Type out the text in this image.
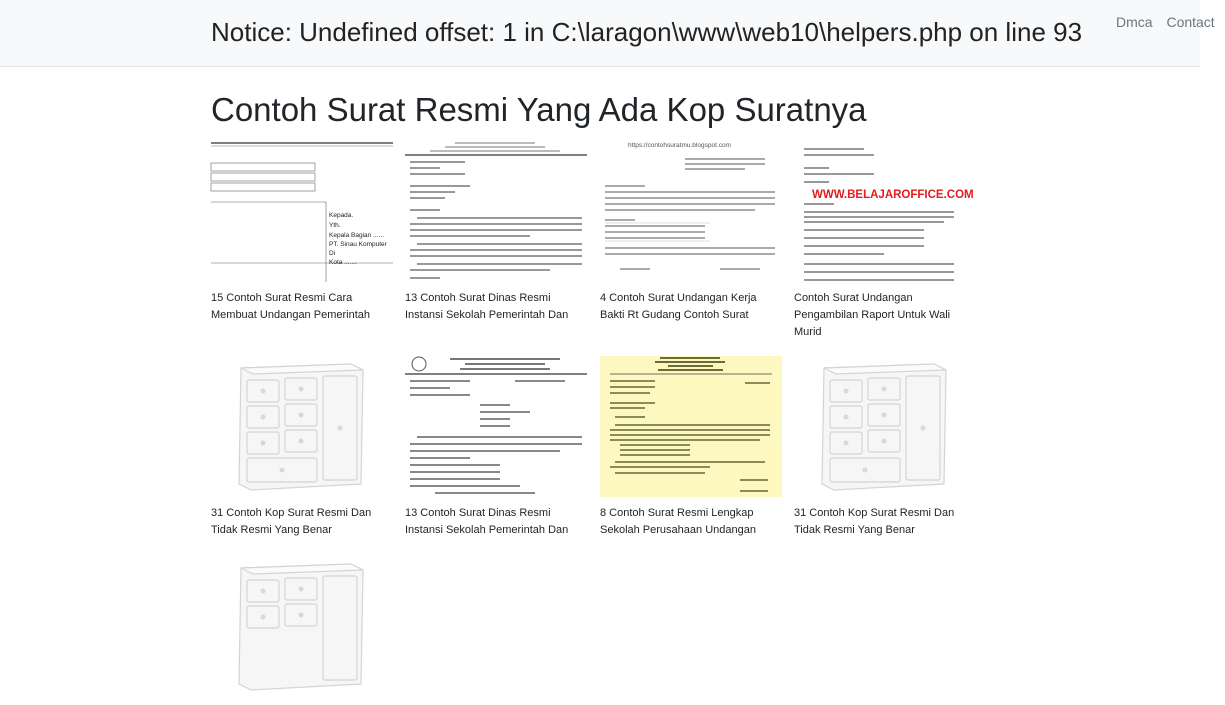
Notice: Undefined offset: 1 in C:\laragon\www\web10\helpers.php on line 93 Dmca Contact
Contoh Surat Resmi Yang Ada Kop Suratnya
Kepada.
Yth.
Kepala Bagian ......
PT. Sinau Komputer
Di
Kota .......
15 Contoh Surat Resmi Cara Membuat Undangan Pemerintah
13 Contoh Surat Dinas Resmi Instansi Sekolah Pemerintah Dan
https://contohsuratmu.blogspot.com
4 Contoh Surat Undangan Kerja Bakti Rt Gudang Contoh Surat
WWW.BELAJAROFFICE.COM
Contoh Surat Undangan Pengambilan Raport Untuk Wali Murid
31 Contoh Kop Surat Resmi Dan Tidak Resmi Yang Benar
13 Contoh Surat Dinas Resmi Instansi Sekolah Pemerintah Dan
8 Contoh Surat Resmi Lengkap Sekolah Perusahaan Undangan
31 Contoh Kop Surat Resmi Dan Tidak Resmi Yang Benar
